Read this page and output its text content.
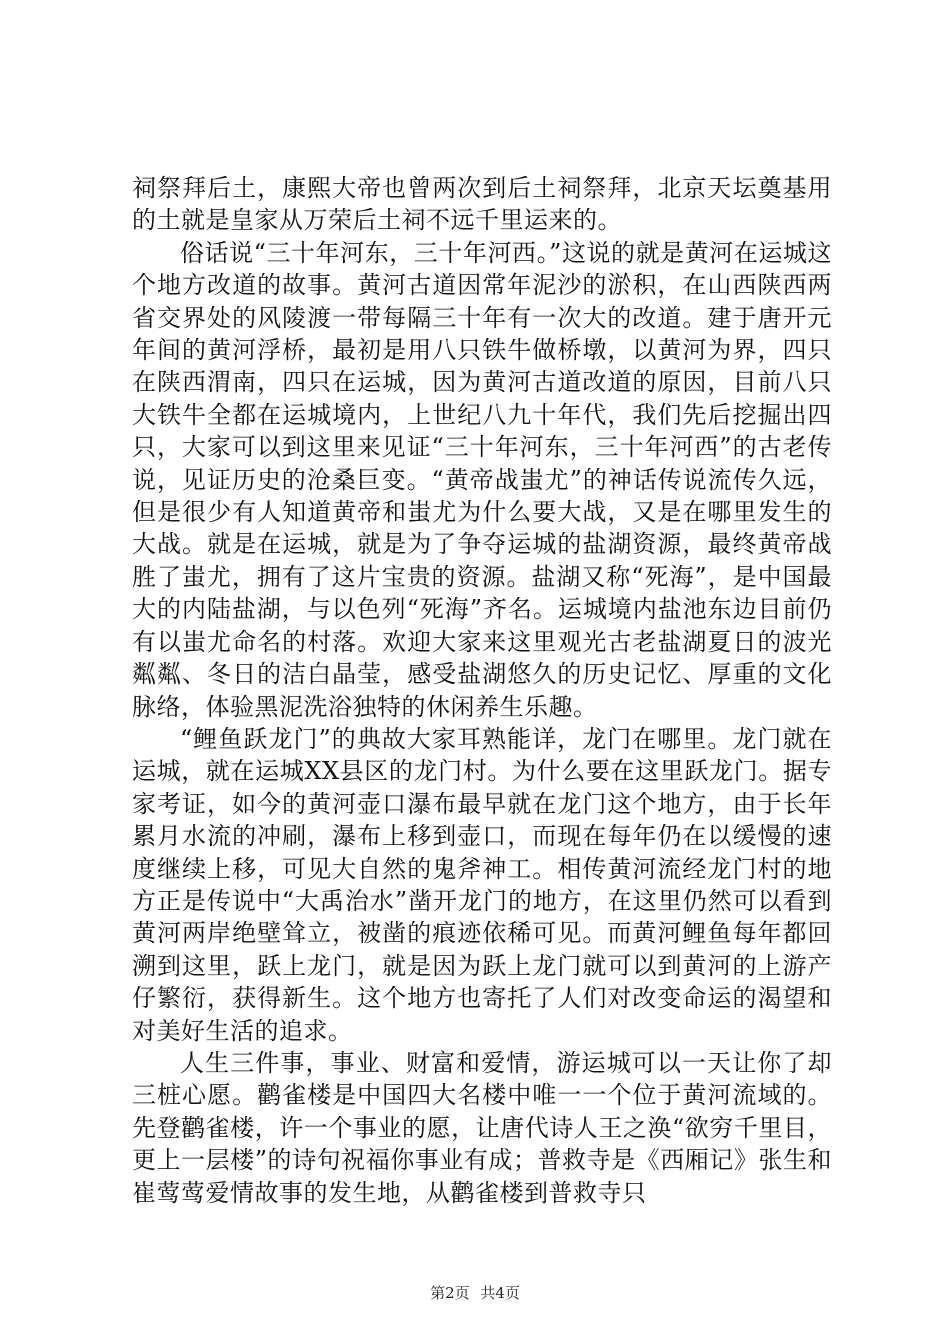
祠祭拜后土，康熙大帝也曾两次到后土祠祭拜，北京天坛奠基用的土就是皇家从万荣后土祠不远千里运来的。

俗话说“三十年河东，三十年河西。”这说的就是黄河在运城这个地方改道的故事。黄河古道因常年泥沙的淤积，在山西陕西两省交界处的风陵渡一带每隔三十年有一次大的改道。建于唐开元年间的黄河浮桥，最初是用八只铁牛做桥墩，以黄河为界，四只在陕西渭南，四只在运城，因为黄河古道改道的原因，目前八只大铁牛全都在运城境内，上世纪八九十年代，我们先后挖掘出四只，大家可以到这里来见证“三十年河东，三十年河西”的古老传说，见证历史的沧桑巨变。“黄帝战蚩尤”的神话传说流传久远，但是很少有人知道黄帝和蚩尤为什么要大战，又是在哪里发生的大战。就是在运城，就是为了争夺运城的盐湖资源，最终黄帝战胜了蚩尤，拥有了这片宝贵的资源。盐湖又称“死海”，是中国最大的内陆盐湖，与以色列“死海”齐名。运城境内盐池东边目前仍有以蚩尤命名的村落。欢迎大家来这里观光古老盐湖夏日的波光粼粼、冬日的洁白晶莹，感受盐湖悠久的历史记忆、厚重的文化脉络，体验黑泥洗浴独特的休闲养生乐趣。

“鲤鱼跃龙门”的典故大家耳熟能详，龙门在哪里。龙门就在运城，就在运城XX县区的龙门村。为什么要在这里跃龙门。据专家考证，如今的黄河壶口瀑布最早就在龙门这个地方，由于长年累月水流的冲刷，瀑布上移到壶口，而现在每年仍在以缓慢的速度继续上移，可见大自然的鬼斧神工。相传黄河流经龙门村的地方正是传说中“大禹治水”凿开龙门的地方，在这里仍然可以看到黄河两岸绝壁耸立，被凿的痕迹依稀可见。而黄河鲤鱼每年都回溯到这里，跃上龙门，就是因为跃上龙门就可以到黄河的上游产仔繁衍，获得新生。这个地方也寄托了人们对改变命运的渴望和对美好生活的追求。

人生三件事，事业、财富和爱情，游运城可以一天让你了却三桩心愿。鹳雀楼是中国四大名楼中唯一一个位于黄河流域的。先登鹳雀楼，许一个事业的愿，让唐代诗人王之涣“欲穷千里目，更上一层楼”的诗句祝福你事业有成；普救寺是《西厢记》张生和崔莺莺爱情故事的发生地，从鹳雀楼到普救寺只

第2页 共4页
